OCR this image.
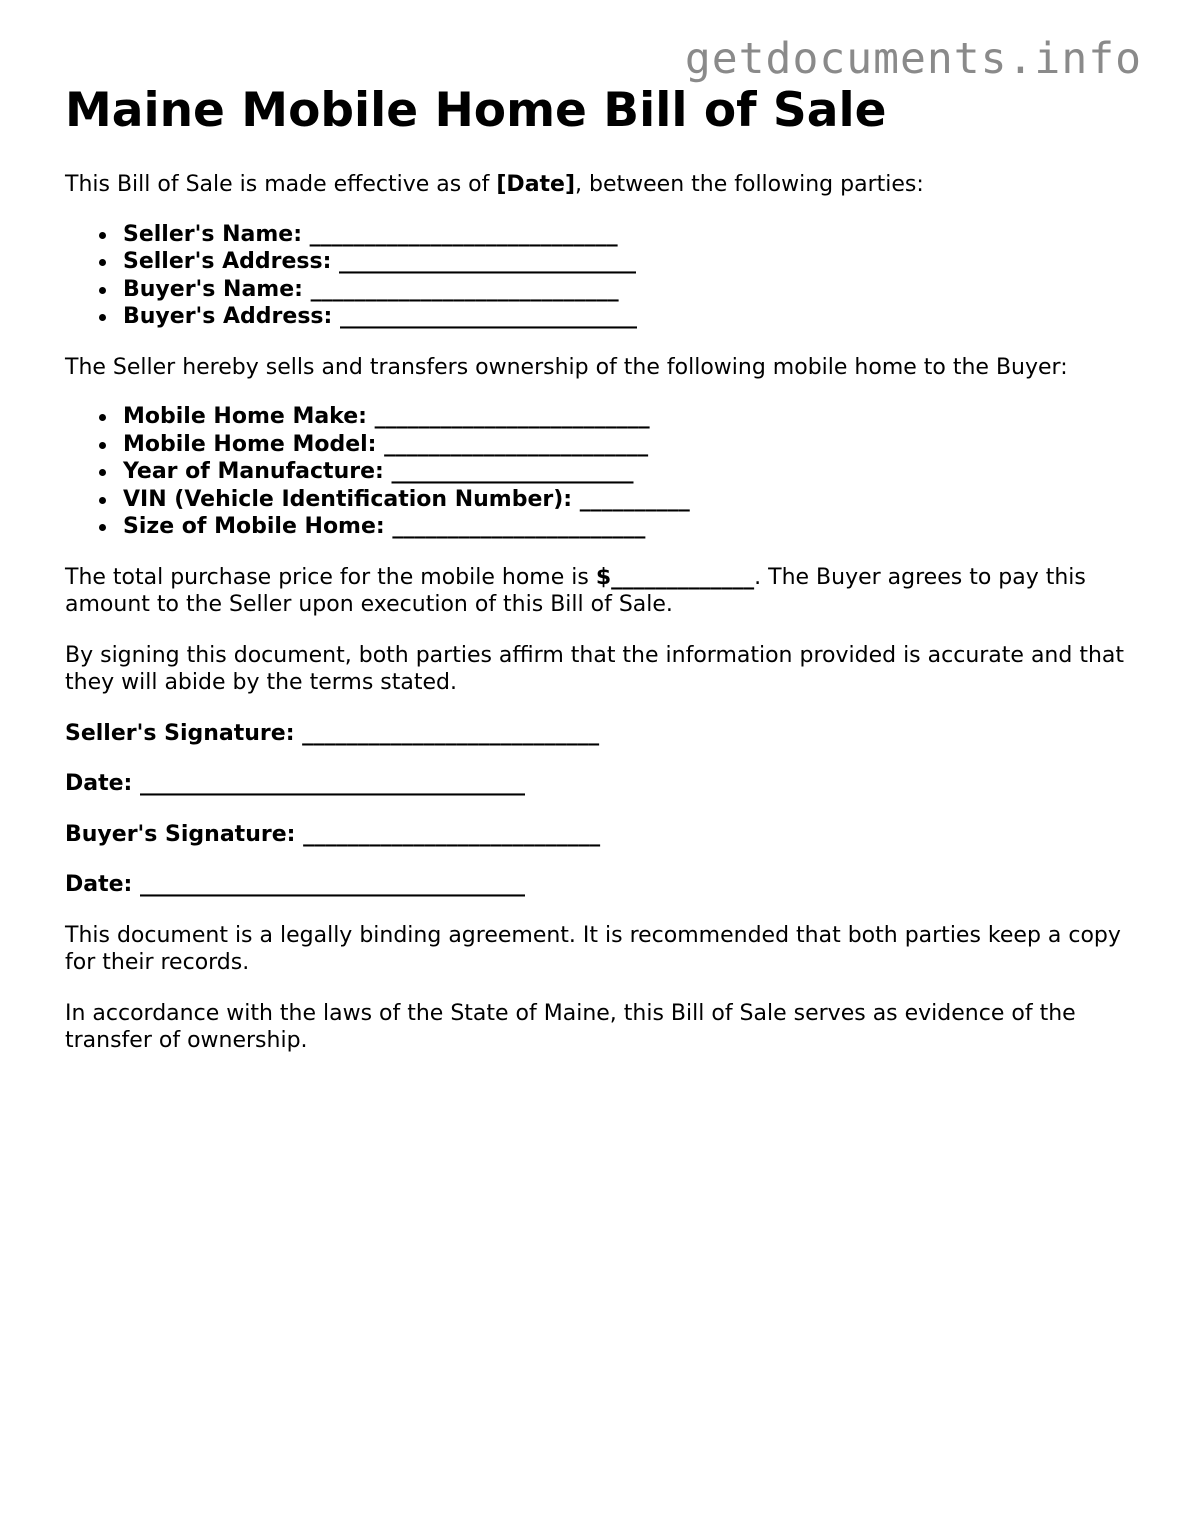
getdocuments.info
Maine Mobile Home Bill of Sale

This Bill of Sale is made effective as of [Date], between the following parties:

Seller's Name: ____________________________
Seller's Address: ___________________________
Buyer's Name: ____________________________
Buyer's Address: ___________________________

The Seller hereby sells and transfers ownership of the following mobile home to the Buyer:

Mobile Home Make: _________________________
Mobile Home Model: ________________________
Year of Manufacture: ______________________
VIN (Vehicle Identification Number): __________
Size of Mobile Home: _______________________

The total purchase price for the mobile home is $_____________. The Buyer agrees to pay this amount to the Seller upon execution of this Bill of Sale.

By signing this document, both parties affirm that the information provided is accurate and that they will abide by the terms stated.

Seller's Signature: ___________________________
Date: ___________________________________
Buyer's Signature: ___________________________
Date: ___________________________________

This document is a legally binding agreement. It is recommended that both parties keep a copy for their records.

In accordance with the laws of the State of Maine, this Bill of Sale serves as evidence of the transfer of ownership.
